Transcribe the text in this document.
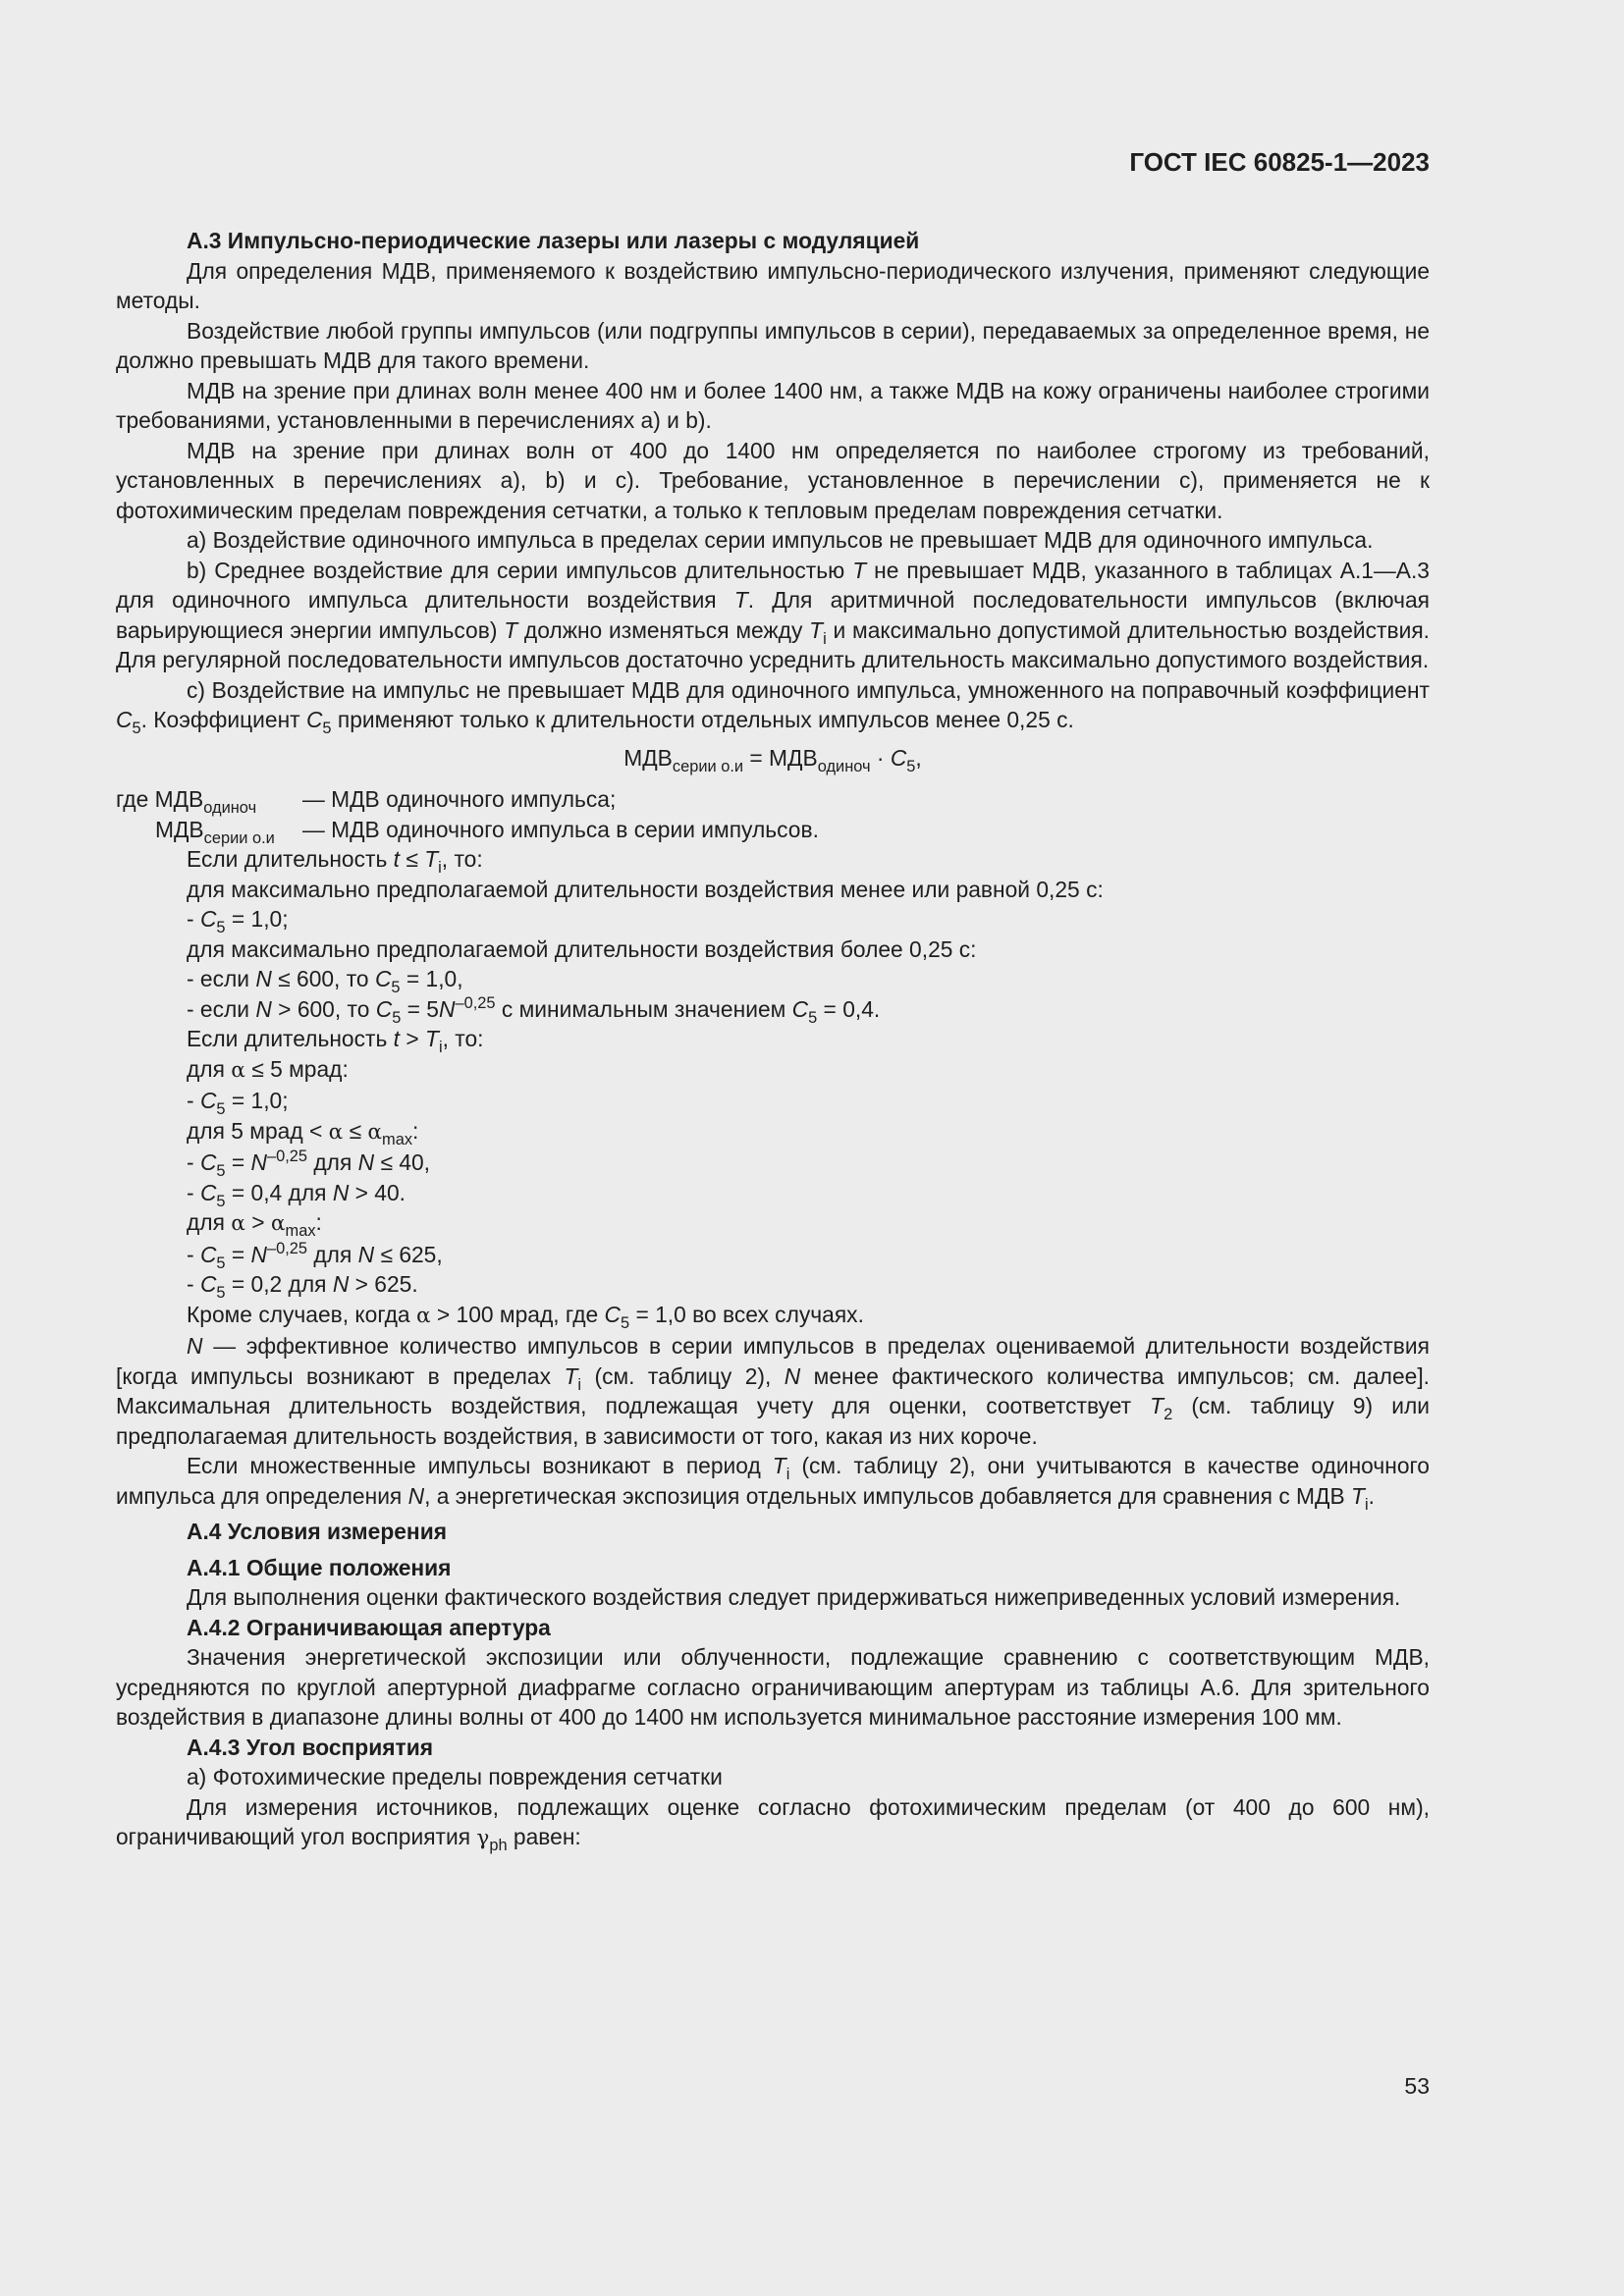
ГОСТ IEC 60825-1—2023

А.3 Импульсно-периодические лазеры или лазеры с модуляцией

Для определения МДВ, применяемого к воздействию импульсно-периодического излучения, применяют следующие методы.

Воздействие любой группы импульсов (или подгруппы импульсов в серии), передаваемых за определенное время, не должно превышать МДВ для такого времени.

МДВ на зрение при длинах волн менее 400 нм и более 1400 нм, а также МДВ на кожу ограничены наиболее строгими требованиями, установленными в перечислениях а) и b).

МДВ на зрение при длинах волн от 400 до 1400 нм определяется по наиболее строгому из требований, установленных в перечислениях а), b) и c). Требование, установленное в перечислении c), применяется не к фотохимическим пределам повреждения сетчатки, а только к тепловым пределам повреждения сетчатки.

a) Воздействие одиночного импульса в пределах серии импульсов не превышает МДВ для одиночного импульса.

b) Среднее воздействие для серии импульсов длительностью T не превышает МДВ, указанного в таблицах А.1—А.3 для одиночного импульса длительности воздействия T. Для аритмичной последовательности импульсов (включая варьирующиеся энергии импульсов) T должно изменяться между $T_i$ и максимально допустимой длительностью воздействия. Для регулярной последовательности импульсов достаточно усреднить длительность максимально допустимого воздействия.

c) Воздействие на импульс не превышает МДВ для одиночного импульса, умноженного на поправочный коэффициент $C_5$. Коэффициент $C_5$ применяют только к длительности отдельных импульсов менее 0,25 с.

$МДВ_{серии о.и} = МДВ_{одиноч} \cdot C_5$,

где $МДВ_{одиноч}$	— МДВ одиночного импульса;
$МДВ_{серии о.и}$	— МДВ одиночного импульса в серии импульсов.

Если длительность $t \le T_i$, то:

для максимально предполагаемой длительности воздействия менее или равной 0,25 с:

- $C_5 = 1,0$;

для максимально предполагаемой длительности воздействия более 0,25 с:

- если N ≤ 600, то $C_5 = 1,0$,

- если N > 600, то $C_5 = 5N^{-0,25}$ с минимальным значением $C_5 = 0,4$.

Если длительность $t > T_i$, то:

для α ≤ 5 мрад:

- $C_5 = 1,0$;

для 5 мрад < $\alpha \le \alpha_{max}$:

- $C_5 = N^{-0,25}$ для N ≤ 40,

- $C_5 = 0,4$ для N > 40.

для $\alpha > \alpha_{max}$:

- $C_5 = N^{-0,25}$ для N ≤ 625,

- $C_5 = 0,2$ для N > 625.

Кроме случаев, когда α > 100 мрад, где $C_5 = 1,0$ во всех случаях.

N — эффективное количество импульсов в серии импульсов в пределах оцениваемой длительности воздействия [когда импульсы возникают в пределах $T_i$ (см. таблицу 2), N менее фактического количества импульсов; см. далее]. Максимальная длительность воздействия, подлежащая учету для оценки, соответствует $T_2$ (см. таблицу 9) или предполагаемая длительность воздействия, в зависимости от того, какая из них короче.

Если множественные импульсы возникают в период $T_i$ (см. таблицу 2), они учитываются в качестве одиночного импульса для определения N, а энергетическая экспозиция отдельных импульсов добавляется для сравнения с МДВ $T_i$.

А.4 Условия измерения

А.4.1 Общие положения

Для выполнения оценки фактического воздействия следует придерживаться нижеприведенных условий измерения.

А.4.2 Ограничивающая апертура

Значения энергетической экспозиции или облученности, подлежащие сравнению с соответствующим МДВ, усредняются по круглой апертурной диафрагме согласно ограничивающим апертурам из таблицы А.6. Для зрительного воздействия в диапазоне длины волны от 400 до 1400 нм используется минимальное расстояние измерения 100 мм.

А.4.3 Угол восприятия

a) Фотохимические пределы повреждения сетчатки

Для измерения источников, подлежащих оценке согласно фотохимическим пределам (от 400 до 600 нм), ограничивающий угол восприятия $\gamma_{ph}$ равен:

53
